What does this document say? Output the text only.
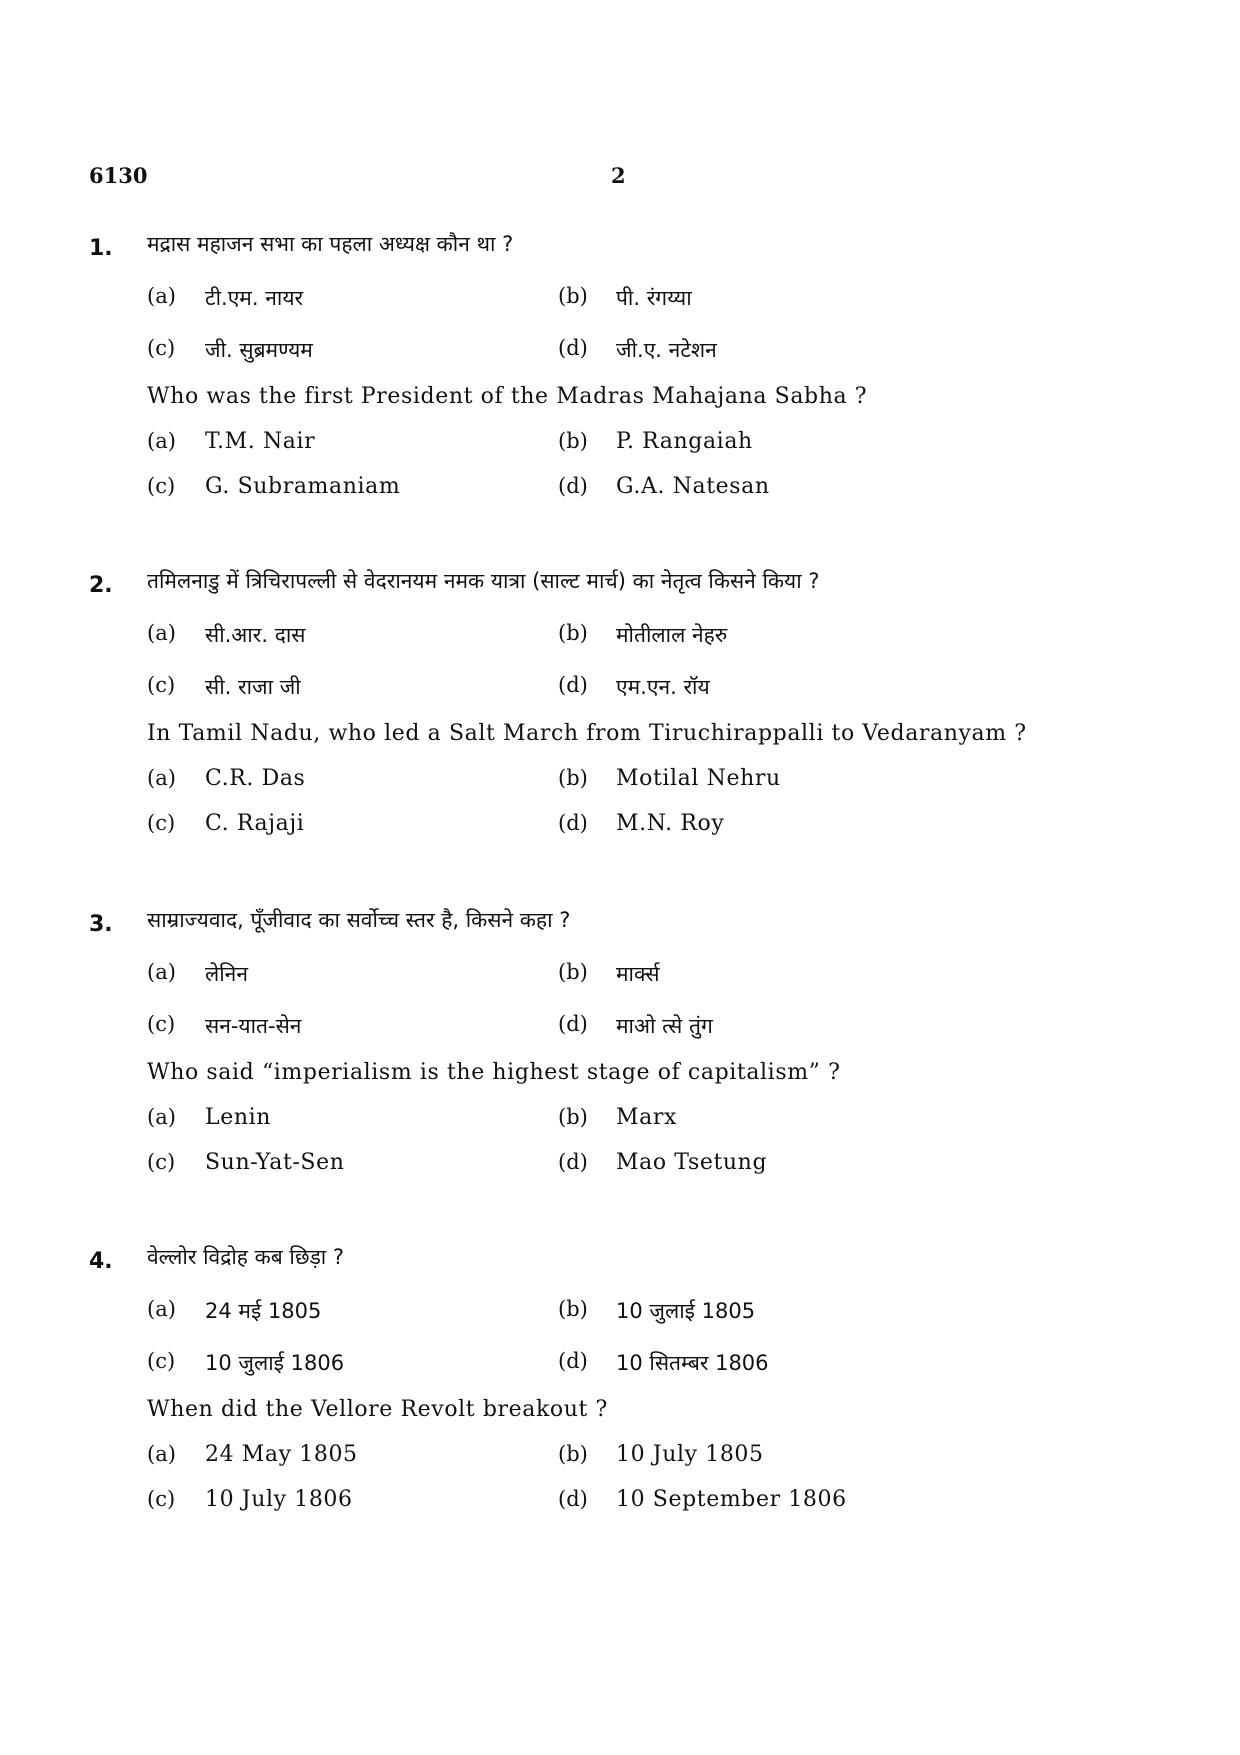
6130	2
1. मद्रास महाजन सभा का पहला अध्यक्ष कौन था ?
(a) टी.एम. नायर	(b) पी. रंगय्या
(c) जी. सुब्रमण्यम	(d) जी.ए. नटेशन
Who was the first President of the Madras Mahajana Sabha ?
(a) T.M. Nair	(b) P. Rangaiah
(c) G. Subramaniam	(d) G.A. Natesan
2. तमिलनाडु में त्रिचिरापल्ली से वेदरानयम नमक यात्रा (साल्ट मार्च) का नेतृत्व किसने किया ?
(a) सी.आर. दास	(b) मोतीलाल नेहरु
(c) सी. राजा जी	(d) एम.एन. रॉय
In Tamil Nadu, who led a Salt March from Tiruchirappalli to Vedaranyam ?
(a) C.R. Das	(b) Motilal Nehru
(c) C. Rajaji	(d) M.N. Roy
3. साम्राज्यवाद, पूँजीवाद का सर्वोच्च स्तर है, किसने कहा ?
(a) लेनिन	(b) मार्क्स
(c) सन-यात-सेन	(d) माओ त्से तुंग
Who said “imperialism is the highest stage of capitalism” ?
(a) Lenin	(b) Marx
(c) Sun-Yat-Sen	(d) Mao Tsetung
4. वेल्लोर विद्रोह कब छिड़ा ?
(a) 24 मई 1805	(b) 10 जुलाई 1805
(c) 10 जुलाई 1806	(d) 10 सितम्बर 1806
When did the Vellore Revolt breakout ?
(a) 24 May 1805	(b) 10 July 1805
(c) 10 July 1806	(d) 10 September 1806
